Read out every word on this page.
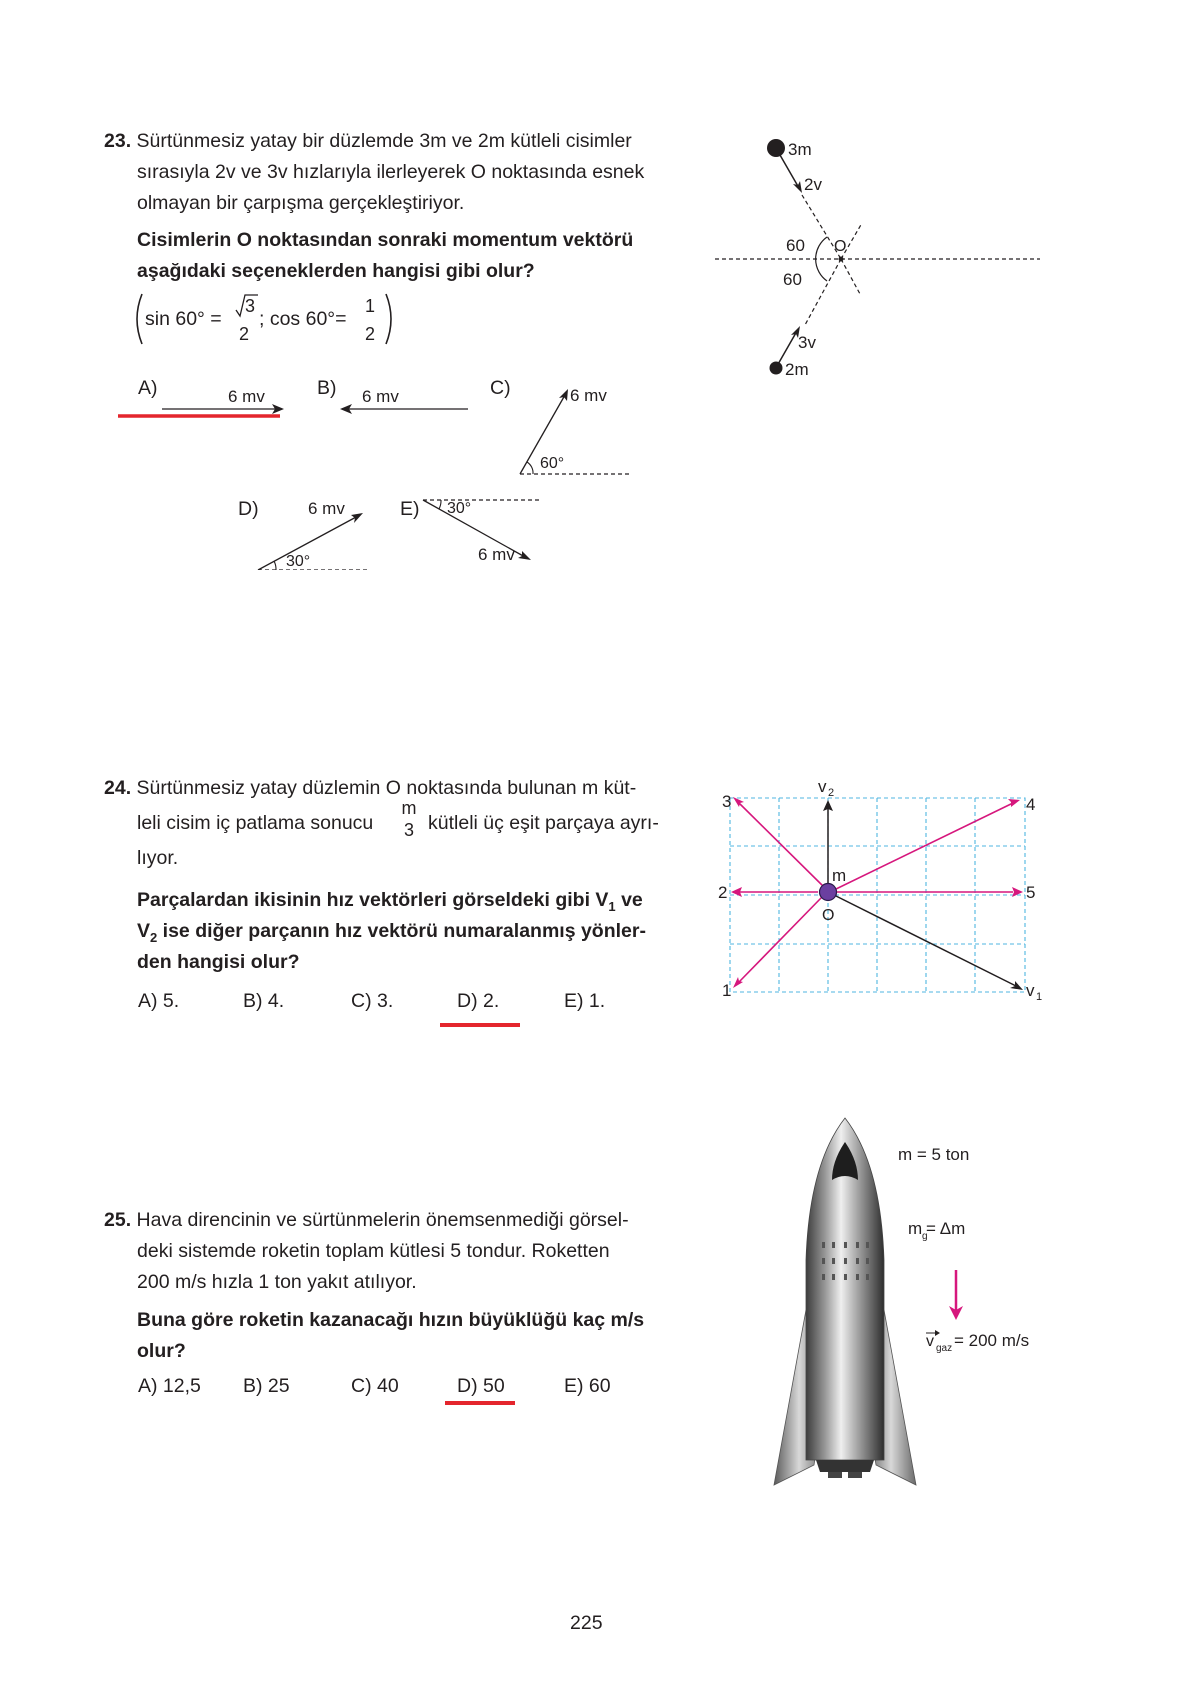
23. Sürtünmesiz yatay bir düzlemde 3m ve 2m kütleli cisimler
sırasıyla 2v ve 3v hızlarıyla ilerleyerek O noktasında esnek
olmayan bir çarpışma gerçekleştiriyor.
Cisimlerin O noktasından sonraki momentum vektörü
aşağıdaki seçeneklerden hangisi gibi olur?
sin 60° =
3
2
; cos 60°=
1
2
A)	6 mv	B) 6 mv	C)	6 mv
60°
D)	6 mv
30°
E) 30°
6 mv
3m
2v
60
60
O
3v
2m
24. Sürtünmesiz yatay düzlemin O noktasında bulunan m küt-
leli cisim iç patlama sonucu
m
3 kütleli üç eşit parçaya ayrı-
lıyor.
Parçalardan ikisinin hız vektörleri görseldeki gibi $V_1$ ve
$V_2$ ise diğer parçanın hız vektörü numaralanmış yönler-
den hangisi olur?
A) 5.	B) 4.	C) 3.	D) 2.	E) 1.
3	4
2	5
1	v 1
v 2
m
O
25. Hava direncinin ve sürtünmelerin önemsenmediği görsel-
deki sistemde roketin toplam kütlesi 5 tondur. Roketten
200 m/s hızla 1 ton yakıt atılıyor.
Buna göre roketin kazanacağı hızın büyüklüğü kaç m/s
olur?
A) 12,5 B) 25	C) 40	D) 50	E) 60
m = 5 ton
m g
= Δm
v gaz = 200 m/s
225
